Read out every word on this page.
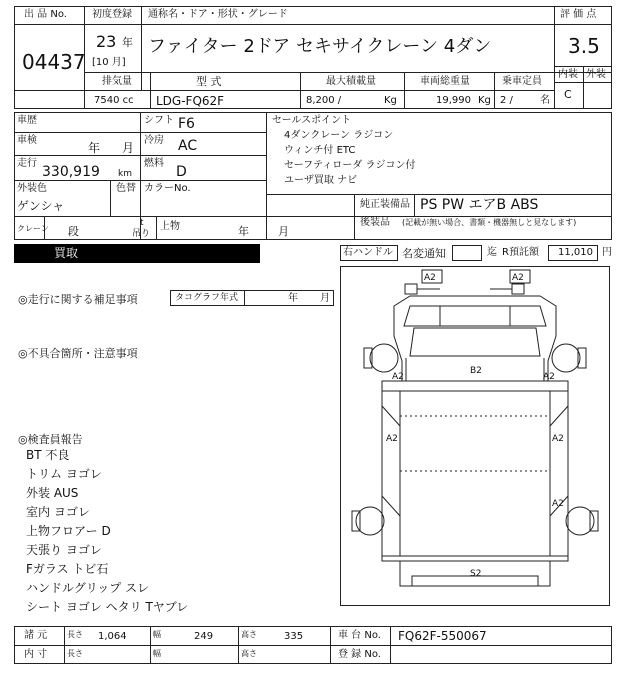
出 品 No.
04437
初度登録
23 年
[10 月]
通称名・ドア・形状・グレード
ファイター 2ドア セキサイクレーン 4ダン
評 価 点
3.5
内装 外装
C
排気量
7540 cc
型 式
LDG-FQ62F
最大積載量
8,200 /	Kg
車両総重量
19,990 Kg
乗車定員
2 /	名
車歴	シフト F6
車検
年 月
冷房 AC
走行
330,919 km
燃料
D
外装色
ゲンシャ
色替 カラーNo.
クレーン 段
t
吊り
上物	年	月
セールスポイント
4ダンクレーン ラジコン
ウィンチ付 ETC
セーフティローダ ラジコン付
ユーザ買取 ナビ
純正装備品 PS PW エアB ABS
後装品 (記載が無い場合、書類・機器無しと見なします)
買取	右ハンドル 名変通知	迄 R預託額 11,010 円
◎走行に関する補足事項	タコグラフ年式	年 月
◎不具合箇所・注意事項
◎検査員報告
BT 不良
トリム ヨゴレ
外装 AUS
室内 ヨゴレ
上物フロアー D
天張り ヨゴレ
Fガラス トビ石
ハンドルグリップ スレ
シート ヨゴレ ヘタリ Tヤブレ
A2	A2
A2
B2
A2
A2	A2
A2
S2
諸 元 長さ 1,064	幅	249	高さ	335	車 台 No. FQ62F-550067
内 寸 長さ	幅	高さ	登 録 No.
